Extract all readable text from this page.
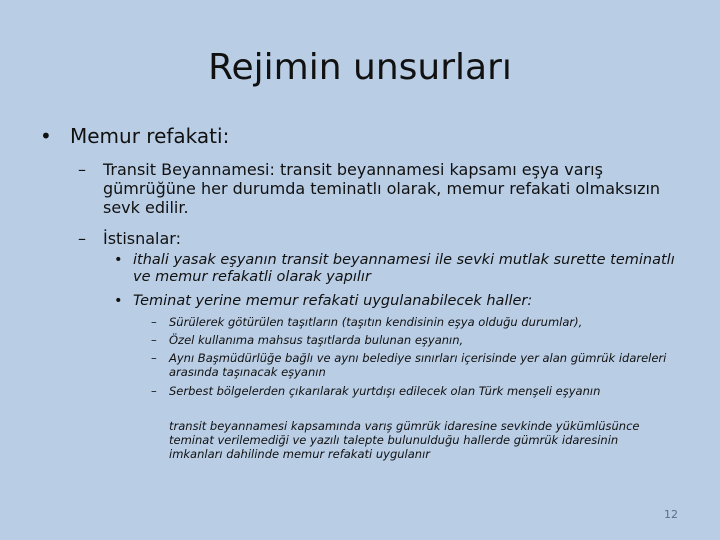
Rejimin unsurları
• Memur refakati:
–	Transit Beyannamesi: transit beyannamesi kapsamı eşya varış gümrüğüne her durumda teminatlı olarak, memur refakati olmaksızın sevk edilir.
–	İstisnalar:
• ithali yasak eşyanın transit beyannamesi ile sevki mutlak surette teminatlı ve memur refakatli olarak yapılır
• Teminat yerine memur refakati uygulanabilecek haller:
–	Sürülerek götürülen taşıtların (taşıtın kendisinin eşya olduğu durumlar),
–	Özel kullanıma mahsus taşıtlarda bulunan eşyanın,
–	Aynı Başmüdürlüğe bağlı ve aynı belediye sınırları içerisinde yer alan gümrük idareleri arasında taşınacak eşyanın
–	Serbest bölgelerden çıkarılarak yurtdışı edilecek olan Türk menşeli eşyanın
transit beyannamesi kapsamında varış gümrük idaresine sevkinde yükümlüsünce teminat verilemediği ve yazılı talepte bulunulduğu hallerde gümrük idaresinin imkanları dahilinde memur refakati uygulanır
12
